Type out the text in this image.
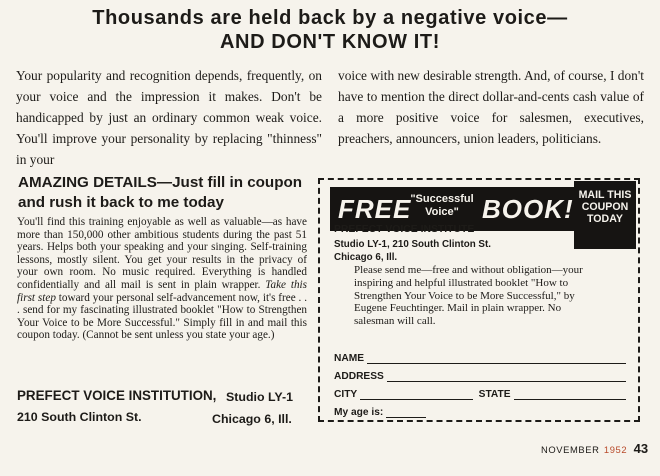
Thousands are held back by a negative voice—
AND DON'T KNOW IT!
Your popularity and recognition depends, frequently, on your voice and the impression it makes. Don't be handicapped by just an ordinary common weak voice. You'll improve your personality by replacing "thinness" in your
voice with new desirable strength. And, of course, I don't have to mention the direct dollar-and-cents cash value of a more positive voice for salesmen, executives, preachers, announcers, union leaders, politicians.
AMAZING DETAILS—Just fill in coupon and rush it back to me today
You'll find this training enjoyable as well as valuable—as have more than 150,000 other ambitious students during the past 51 years. Helps both your speaking and your singing. Self-training lessons, mostly silent. You get your results in the privacy of your own room. No music required. Everything is handled confidentially and all mail is sent in plain wrapper. Take this first step toward your personal self-advancement now, it's free . . . send for my fascinating illustrated booklet "How to Strengthen Your Voice to be More Successful." Simply fill in and mail this coupon today. (Cannot be sent unless you state your age.)
PREFECT VOICE INSTITUTION, Studio LY-1
210 South Clinton St.	Chicago 6, Ill.
FREE "Successful Voice" BOOK! MAIL THIS COUPON TODAY
PREFECT VOICE INSTITUTE
Studio LY-1, 210 South Clinton St.
Chicago 6, Ill.
Please send me—free and without obligation—your inspiring and helpful illustrated booklet "How to Strengthen Your Voice to be More Successful," by Eugene Feuchtinger. Mail in plain wrapper. No salesman will call.
NAME
ADDRESS
CITY	STATE
My age is:
NOVEMBER 1952 43
